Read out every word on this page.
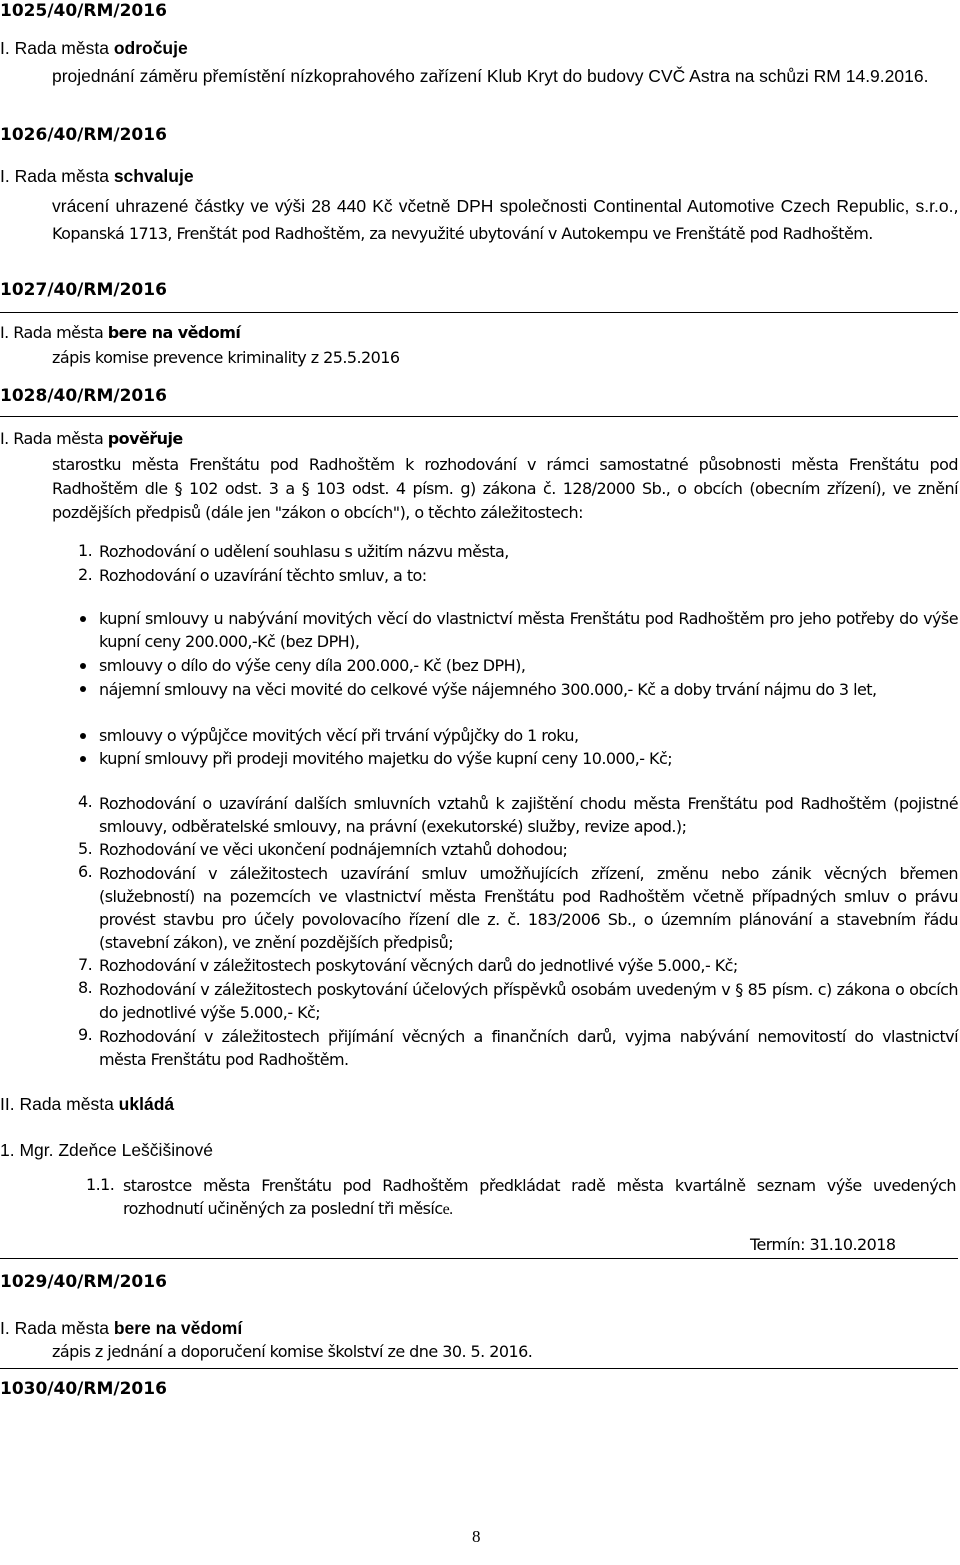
1025/40/RM/2016
I. Rada města odročuje
projednání záměru přemístění nízkoprahového zařízení Klub Kryt do budovy CVČ Astra na schůzi RM 14.9.2016.
1026/40/RM/2016
I. Rada města schvaluje
vrácení uhrazené částky ve výši 28 440 Kč včetně DPH společnosti Continental Automotive Czech Republic, s.r.o., Kopanská 1713, Frenštát pod Radhoštěm, za nevyužité ubytování v Autokempu ve Frenštátě pod Radhoštěm.
1027/40/RM/2016
I. Rada města bere na vědomí
zápis komise prevence kriminality z 25.5.2016
1028/40/RM/2016
I. Rada města pověřuje
starostku města Frenštátu pod Radhoštěm k rozhodování v rámci samostatné působnosti města Frenštátu pod Radhoštěm dle § 102 odst. 3 a § 103 odst. 4 písm. g) zákona č. 128/2000 Sb., o obcích (obecním zřízení), ve znění pozdějších předpisů (dále jen "zákon o obcích"), o těchto záležitostech:
1. Rozhodování o udělení souhlasu s užitím názvu města,
2. Rozhodování o uzavírání těchto smluv, a to:
kupní smlouvy u nabývání movitých věcí do vlastnictví města Frenštátu pod Radhoštěm pro jeho potřeby do výše kupní ceny 200.000,-Kč (bez DPH),
smlouvy o dílo do výše ceny díla 200.000,- Kč (bez DPH),
nájemní smlouvy na věci movité do celkové výše nájemného 300.000,- Kč a doby trvání nájmu do 3 let,
smlouvy o výpůjčce movitých věcí při trvání výpůjčky do 1 roku,
kupní smlouvy při prodeji movitého majetku do výše kupní ceny 10.000,- Kč;
4. Rozhodování o uzavírání dalších smluvních vztahů k zajištění chodu města Frenštátu pod Radhoštěm (pojistné smlouvy, odběratelské smlouvy, na právní (exekutorské) služby, revize apod.);
5. Rozhodování ve věci ukončení podnájemních vztahů dohodou;
6. Rozhodování v záležitostech uzavírání smluv umožňujících zřízení, změnu nebo zánik věcných břemen (služebností) na pozemcích ve vlastnictví města Frenštátu pod Radhoštěm včetně případných smluv o právu provést stavbu pro účely povolovacího řízení dle z. č. 183/2006 Sb., o územním plánování a stavebním řádu (stavební zákon), ve znění pozdějších předpisů;
7. Rozhodování v záležitostech poskytování věcných darů do jednotlivé výše 5.000,- Kč;
8. Rozhodování v záležitostech poskytování účelových příspěvků osobám uvedeným v § 85 písm. c) zákona o obcích do jednotlivé výše 5.000,- Kč;
9. Rozhodování v záležitostech přijímání věcných a finančních darů, vyjma nabývání nemovitostí do vlastnictví města Frenštátu pod Radhoštěm.
II. Rada města ukládá
1. Mgr. Zdeňce Leščišinové
1.1. starostce města Frenštátu pod Radhoštěm předkládat radě města kvartálně seznam výše uvedených rozhodnutí učiněných za poslední tři měsíce.
Termín: 31.10.2018
1029/40/RM/2016
I. Rada města bere na vědomí
zápis z jednání a doporučení komise školství ze dne 30. 5. 2016.
1030/40/RM/2016
8
